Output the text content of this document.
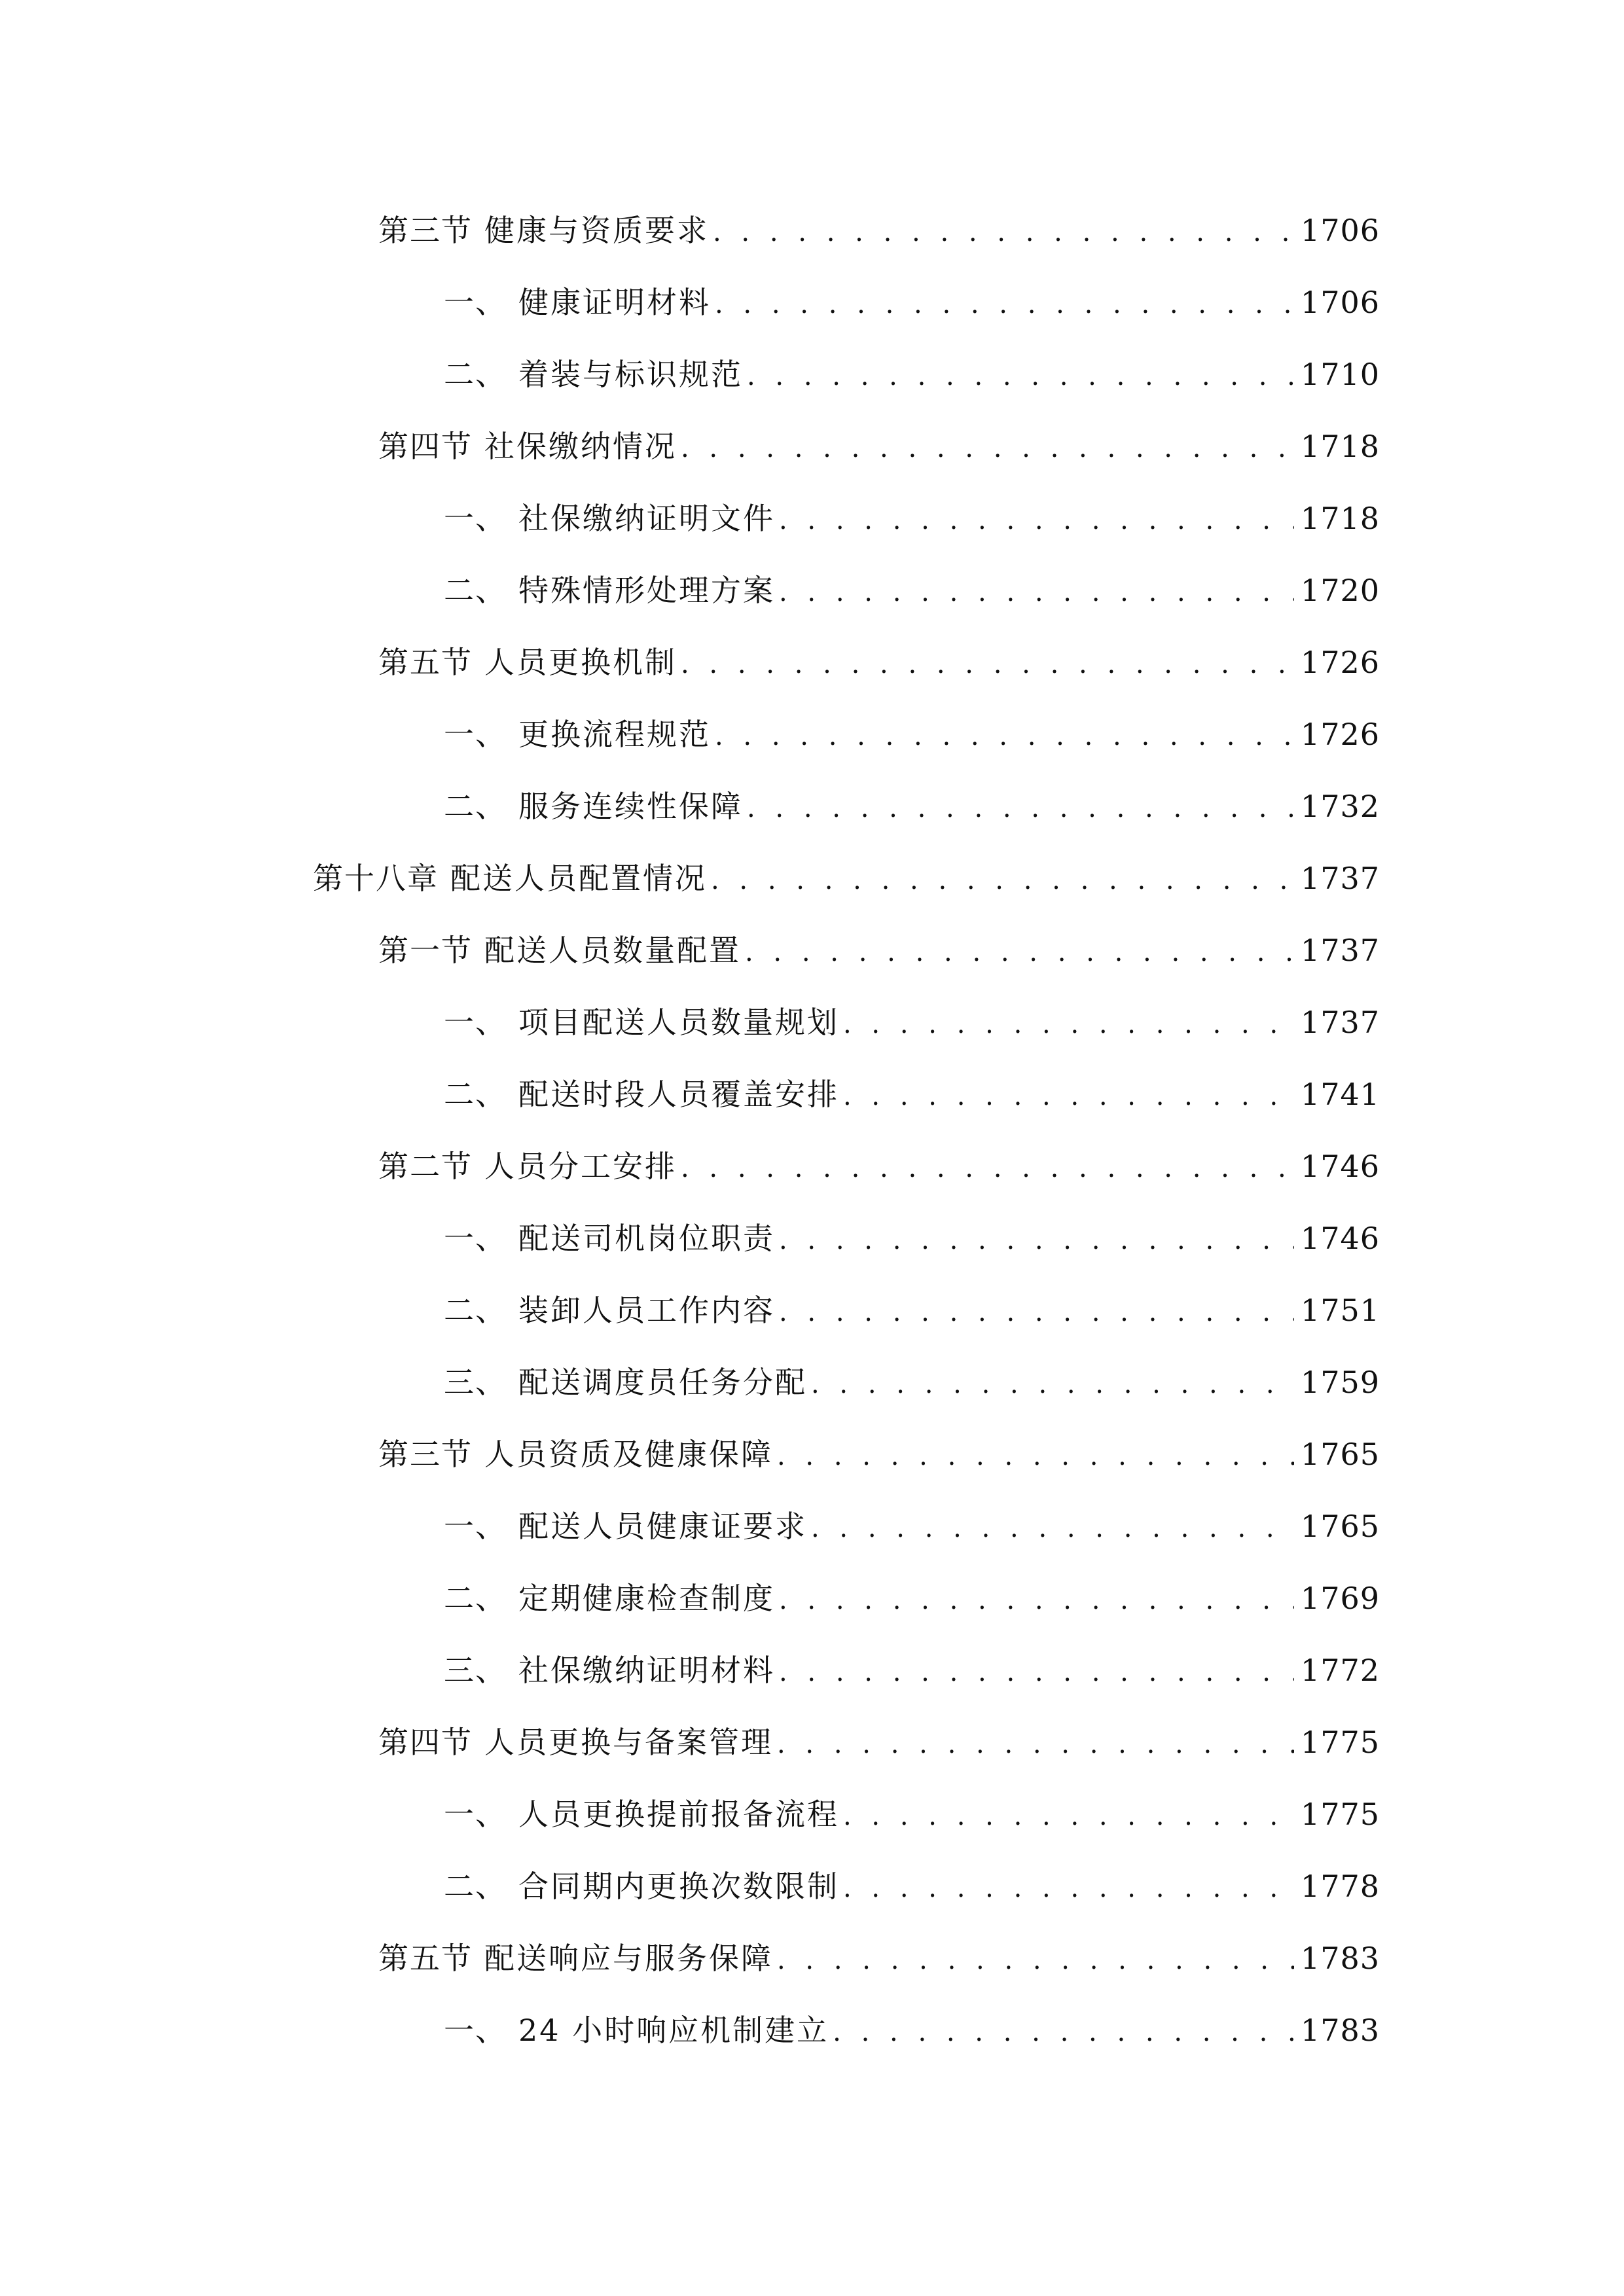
第三节 健康与资质要求 . . .	1706
一、 健康证明材料 . . .	1706
二、 着装与标识规范 . . .	1710
第四节 社保缴纳情况 . . .	1718
一、 社保缴纳证明文件 . . .	1718
二、 特殊情形处理方案 . . .	1720
第五节 人员更换机制 . . .	1726
一、 更换流程规范 . . .	1726
二、 服务连续性保障 . . .	1732
第十八章 配送人员配置情况 . . .	1737
第一节 配送人员数量配置 . . .	1737
一、 项目配送人员数量规划 . . .	1737
二、 配送时段人员覆盖安排 . . .	1741
第二节 人员分工安排 . . .	1746
一、 配送司机岗位职责 . . .	1746
二、 装卸人员工作内容 . . .	1751
三、 配送调度员任务分配 . . .	1759
第三节 人员资质及健康保障 . . .	1765
一、 配送人员健康证要求 . . .	1765
二、 定期健康检查制度 . . .	1769
三、 社保缴纳证明材料 . . .	1772
第四节 人员更换与备案管理 . . .	1775
一、 人员更换提前报备流程 . . .	1775
二、 合同期内更换次数限制 . . .	1778
第五节 配送响应与服务保障 . . .	1783
一、 24 小时响应机制建立 . . .	1783
